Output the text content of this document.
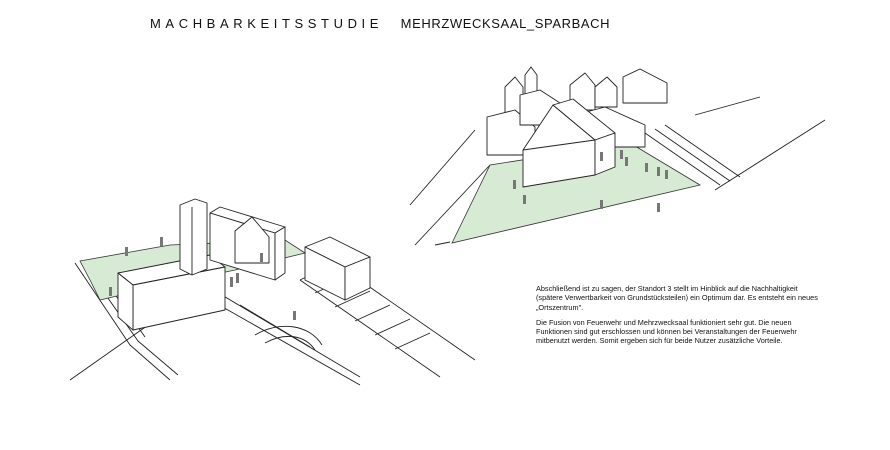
MACHBARKEITSSTUDIE MEHRZWECKSAAL_SPARBACH

Abschließend ist zu sagen, der Standort 3 stellt im Hinblick auf die Nachhaltigkeit (spätere Verwertbarkeit von Grundstücksteilen) ein Optimum dar. Es entsteht ein neues „Ortszentrum".

Die Fusion von Feuerwehr und Mehrzwecksaal funktioniert sehr gut. Die neuen Funktionen sind gut erschlossen und können bei Veranstaltungen der Feuerwehr mitbenutzt werden. Somit ergeben sich für beide Nutzer zusätzliche Vorteile.
